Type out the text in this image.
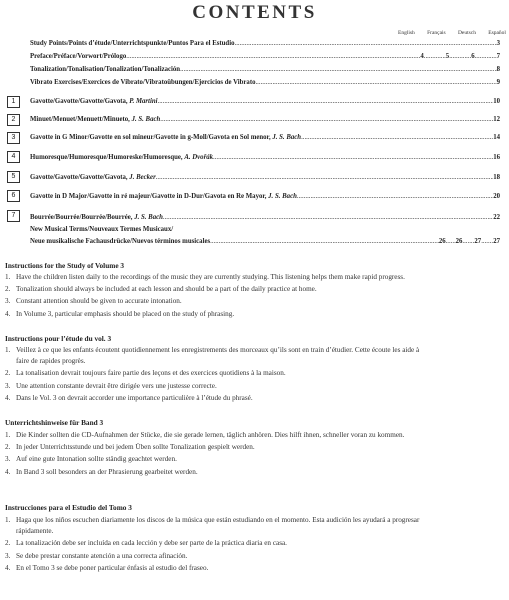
CONTENTS
English Français Deutsch Español
Study Points/Points d’étude/Unterrichtspunkte/Puntos Para el Estudio .....	3
Preface/Préface/Vorwort/Prólogo .....	4 .....	5 .....	6 .....	7
Tonalization/Tonalisation/Tonalization/Tonalización .....	8
Vibrato Exercises/Exercices de Vibrato/Vibratoübungen/Ejercicios de Vibrato .....	9
1	Gavotte/Gavotte/Gavotte/Gavota, P. Martini .....	10
2	Minuet/Menuet/Menuett/Minueto, J. S. Bach .....	12
3	Gavotte in G Minor/Gavotte en sol mineur/Gavotte in g-Moll/Gavota en Sol menor, J. S. Bach .....	14
4	Humoresque/Humoresque/Humoreske/Humoresque, A. Dvořák .....	16
5	Gavotte/Gavotte/Gavotte/Gavota, J. Becker .....	18
6	Gavotte in D Major/Gavotte in ré majeur/Gavotte in D-Dur/Gavota en Re Mayor, J. S. Bach .....	20
7	Bourrée/Bourrée/Bourrée/Bourrée, J. S. Bach .....	22
New Musical Terms/Nouveaux Termes Musicaux/
Neue musikalische Fachausdrücke/Nuevos términos musicales .....	26 ..... 26 ..... 27 ..... 27
Instructions for the Study of Volume 3
1. Have the children listen daily to the recordings of the music they are currently studying. This listening helps them make rapid progress.
2. Tonalization should always be included at each lesson and should be a part of the daily practice at home.
3. Constant attention should be given to accurate intonation.
4. In Volume 3, particular emphasis should be placed on the study of phrasing.
Instructions pour l’étude du vol. 3
1. Veillez à ce que les enfants écoutent quotidiennement les enregistrements des morceaux qu’ils sont en train d’étudier. Cette écoute les aide à
faire de rapides progrès.
2. La tonalisation devrait toujours faire partie des leçons et des exercices quotidiens à la maison.
3. Une attention constante devrait être dirigée vers une justesse correcte.
4. Dans le Vol. 3 on devrait accorder une importance particulière à l’étude du phrasé.
Unterrichtshinweise für Band 3
1. Die Kinder sollten die CD-Aufnahmen der Stücke, die sie gerade lernen, täglich anhören. Dies hilft ihnen, schneller voran zu kommen.
2. In jeder Unterrichtsstunde und bei jedem Üben sollte Tonalization gespielt werden.
3. Auf eine gute Intonation sollte ständig geachtet werden.
4. In Band 3 soll besonders an der Phrasierung gearbeitet werden.
Instrucciones para el Estudio del Tomo 3
1. Haga que los niños escuchen diariamente los discos de la música que están estudiando en el momento. Esta audición les ayudará a progresar
rápidamente.
2. La tonalización debe ser incluída en cada lección y debe ser parte de la práctica diaria en casa.
3. Se debe prestar constante atención a una correcta afinación.
4. En el Tomo 3 se debe poner particular énfasis al estudio del fraseo.
